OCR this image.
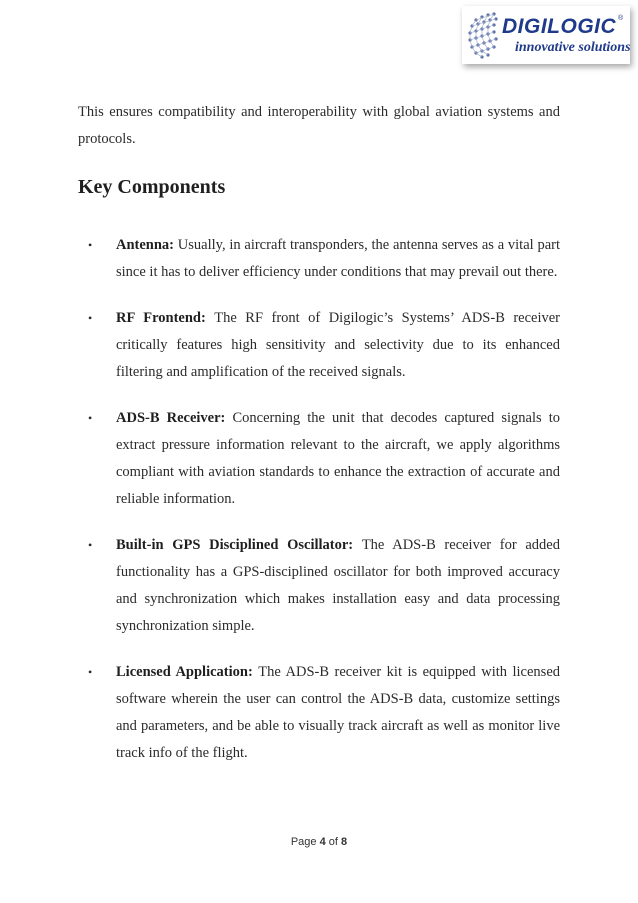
DIGILOGIC ®
innovative solutions

This ensures compatibility and interoperability with global aviation systems and protocols.

Key Components
• Antenna: Usually, in aircraft transponders, the antenna serves as a vital part since it has to deliver efficiency under conditions that may prevail out there.
• RF Frontend: The RF front of Digilogic’s Systems’ ADS-B receiver critically features high sensitivity and selectivity due to its enhanced filtering and amplification of the received signals.
• ADS-B Receiver: Concerning the unit that decodes captured signals to extract pressure information relevant to the aircraft, we apply algorithms compliant with aviation standards to enhance the extraction of accurate and reliable information.
• Built-in GPS Disciplined Oscillator: The ADS-B receiver for added functionality has a GPS-disciplined oscillator for both improved accuracy and synchronization which makes installation easy and data processing synchronization simple.
• Licensed Application: The ADS-B receiver kit is equipped with licensed software wherein the user can control the ADS-B data, customize settings and parameters, and be able to visually track aircraft as well as monitor live track info of the flight.
Page 4 of 8
